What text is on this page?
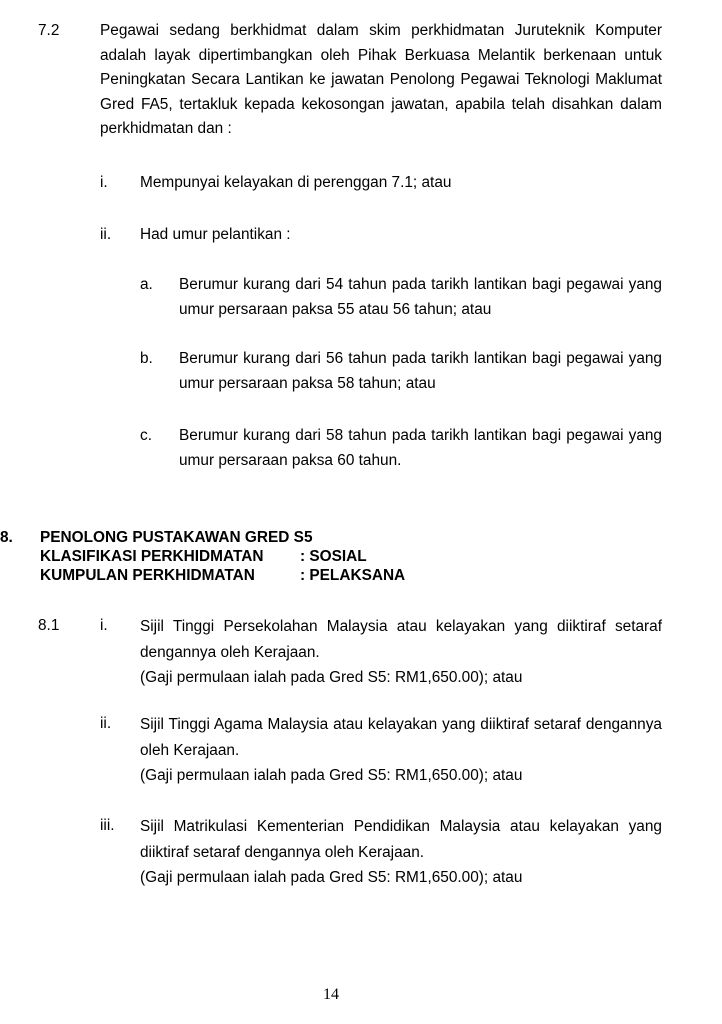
7.2	Pegawai sedang berkhidmat dalam skim perkhidmatan Juruteknik Komputer adalah layak dipertimbangkan oleh Pihak Berkuasa Melantik berkenaan untuk Peningkatan Secara Lantikan ke jawatan Penolong Pegawai Teknologi Maklumat Gred FA5, tertakluk kepada kekosongan jawatan, apabila telah disahkan dalam perkhidmatan dan :
i. Mempunyai kelayakan di perenggan 7.1; atau
ii. Had umur pelantikan :
a. Berumur kurang dari 54 tahun pada tarikh lantikan bagi pegawai yang umur persaraan paksa 55 atau 56 tahun; atau
b. Berumur kurang dari 56 tahun pada tarikh lantikan bagi pegawai yang umur persaraan paksa 58 tahun; atau
c. Berumur kurang dari 58 tahun pada tarikh lantikan bagi pegawai yang umur persaraan paksa 60 tahun.
8. PENOLONG PUSTAKAWAN GRED S5
KLASIFIKASI PERKHIDMATAN : SOSIAL
KUMPULAN PERKHIDMATAN	: PELAKSANA
8.1	i. Sijil Tinggi Persekolahan Malaysia atau kelayakan yang diiktiraf setaraf dengannya oleh Kerajaan.
(Gaji permulaan ialah pada Gred S5: RM1,650.00); atau
ii. Sijil Tinggi Agama Malaysia atau kelayakan yang diiktiraf setaraf dengannya oleh Kerajaan.
(Gaji permulaan ialah pada Gred S5: RM1,650.00); atau
iii. Sijil Matrikulasi Kementerian Pendidikan Malaysia atau kelayakan yang diiktiraf setaraf dengannya oleh Kerajaan.
(Gaji permulaan ialah pada Gred S5: RM1,650.00); atau
14
